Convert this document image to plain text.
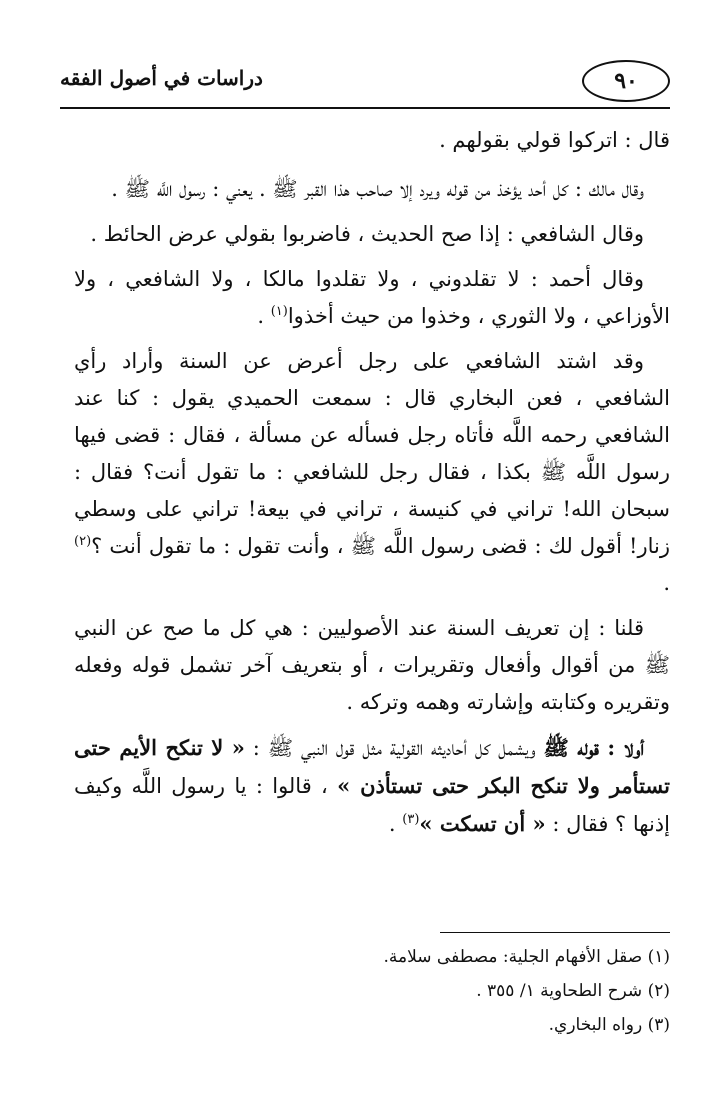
٩٠
دراسات في أصول الفقه

قال : اتركوا قولي بقولهم .

وقال مالك : كل أحد يؤخذ من قوله ويرد إلا صاحب هذا القبر ﷺ . يعني : رسول اللَّه ﷺ .

وقال الشافعي : إذا صح الحديث ، فاضربوا بقولي عرض الحائط .

وقال أحمد : لا تقلدوني ، ولا تقلدوا مالكا ، ولا الشافعي ، ولا الأوزاعي ، ولا الثوري ، وخذوا من حيث أخذوا$^{(١)}$ .

وقد اشتد الشافعي على رجل أعرض عن السنة وأراد رأي الشافعي ، فعن البخاري قال : سمعت الحميدي يقول : كنا عند الشافعي رحمه اللَّه فأتاه رجل فسأله عن مسألة ، فقال : قضى فيها رسول اللَّه ﷺ بكذا ، فقال رجل للشافعي : ما تقول أنت؟ فقال : سبحان الله! تراني في كنيسة ، تراني في بيعة! تراني على وسطي زنار! أقول لك : قضى رسول اللَّه ﷺ ، وأنت تقول : ما تقول أنت ؟$^{(٢)}$ .

قلنا : إن تعريف السنة عند الأصوليين : هي كل ما صح عن النبي ﷺ من أقوال وأفعال وتقريرات ، أو بتعريف آخر تشمل قوله وفعله وتقريره وكتابته وإشارته وهمه وتركه .

أولا : قوله ﷺ ويشمل كل أحاديثه القولية مثل قول النبي ﷺ : « لا تنكح الأيم حتى تستأمر ولا تنكح البكر حتى تستأذن » ، قالوا : يا رسول اللَّه وكيف إذنها ؟ فقال : « أن تسكت »$^{(٣)}$ .

(١) صقل الأفهام الجلية: مصطفى سلامة.

(٢) شرح الطحاوية ١/ ٣٥٥ .

(٣) رواه البخاري.
